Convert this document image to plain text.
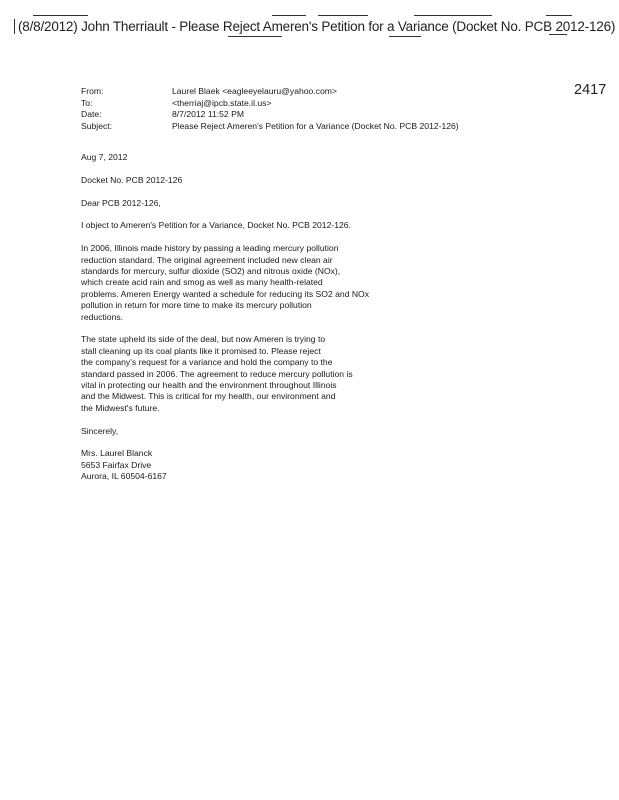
(8/8/2012) John Therriault - Please Reject Ameren's Petition for a Variance (Docket No. PCB 2012-126)
2417
From:	Laurel Blaek <eagleeyelauru@yahoo.com>
To:	<therriaj@ipcb.state.il.us>
Date:	8/7/2012 11:52 PM
Subject:	Please Reject Ameren's Petition for a Variance (Docket No. PCB 2012-126)
Aug 7, 2012
Docket No. PCB 2012-126
Dear PCB 2012-126,
I object to Ameren's Petition for a Variance, Docket No. PCB 2012-126.
In 2006, Illinois made history by passing a leading mercury pollution
reduction standard. The original agreement included new clean air
standards for mercury, sulfur dioxide (SO2) and nitrous oxide (NOx),
which create acid rain and smog as well as many health-related
problems. Ameren Energy wanted a schedule for reducing its SO2 and NOx
pollution in return for more time to make its mercury pollution
reductions.
The state upheld its side of the deal, but now Ameren is trying to
stall cleaning up its coal plants like it promised to. Please reject
the company's request for a variance and hold the company to the
standard passed in 2006. The agreement to reduce mercury pollution is
vital in protecting our health and the environment throughout Illinois
and the Midwest. This is critical for my health, our environment and
the Midwest's future.
Sincerely,
Mrs. Laurel Blanck
5653 Fairfax Drive
Aurora, IL 60504-6167
